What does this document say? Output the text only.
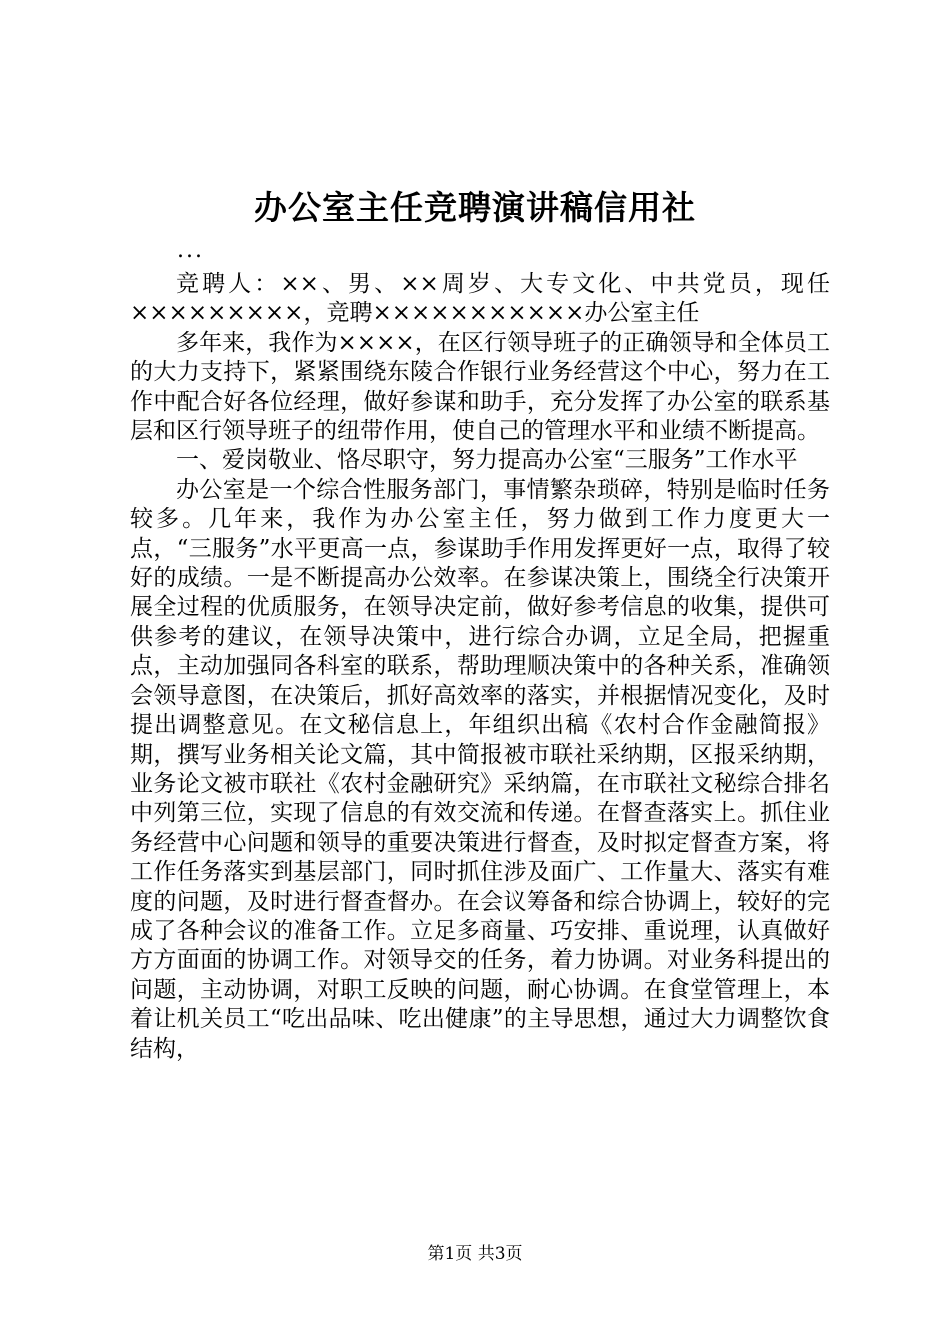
办公室主任竞聘演讲稿信用社
...

竞聘人：××、男、××周岁、大专文化、中共党员，现任×××××××××，竞聘×××××××××××办公室主任

多年来，我作为××××，在区行领导班子的正确领导和全体员工的大力支持下，紧紧围绕东陵合作银行业务经营这个中心，努力在工作中配合好各位经理，做好参谋和助手，充分发挥了办公室的联系基层和区行领导班子的纽带作用，使自己的管理水平和业绩不断提高。

一、爱岗敬业、恪尽职守，努力提高办公室“三服务”工作水平

办公室是一个综合性服务部门，事情繁杂琐碎，特别是临时任务较多。几年来，我作为办公室主任，努力做到工作力度更大一点，“三服务”水平更高一点，参谋助手作用发挥更好一点，取得了较好的成绩。一是不断提高办公效率。在参谋决策上，围绕全行决策开展全过程的优质服务，在领导决定前，做好参考信息的收集，提供可供参考的建议，在领导决策中，进行综合办调，立足全局，把握重点，主动加强同各科室的联系，帮助理顺决策中的各种关系，准确领会领导意图，在决策后，抓好高效率的落实，并根据情况变化，及时提出调整意见。在文秘信息上，年组织出稿《农村合作金融简报》期，撰写业务相关论文篇，其中简报被市联社采纳期，区报采纳期，业务论文被市联社《农村金融研究》采纳篇，在市联社文秘综合排名中列第三位，实现了信息的有效交流和传递。在督查落实上。抓住业务经营中心问题和领导的重要决策进行督查，及时拟定督查方案，将工作任务落实到基层部门，同时抓住涉及面广、工作量大、落实有难度的问题，及时进行督查督办。在会议筹备和综合协调上，较好的完成了各种会议的准备工作。立足多商量、巧安排、重说理，认真做好方方面面的协调工作。对领导交的任务，着力协调。对业务科提出的问题，主动协调，对职工反映的问题，耐心协调。在食堂管理上，本着让机关员工“吃出品味、吃出健康”的主导思想，通过大力调整饮食结构，

第1页 共3页
